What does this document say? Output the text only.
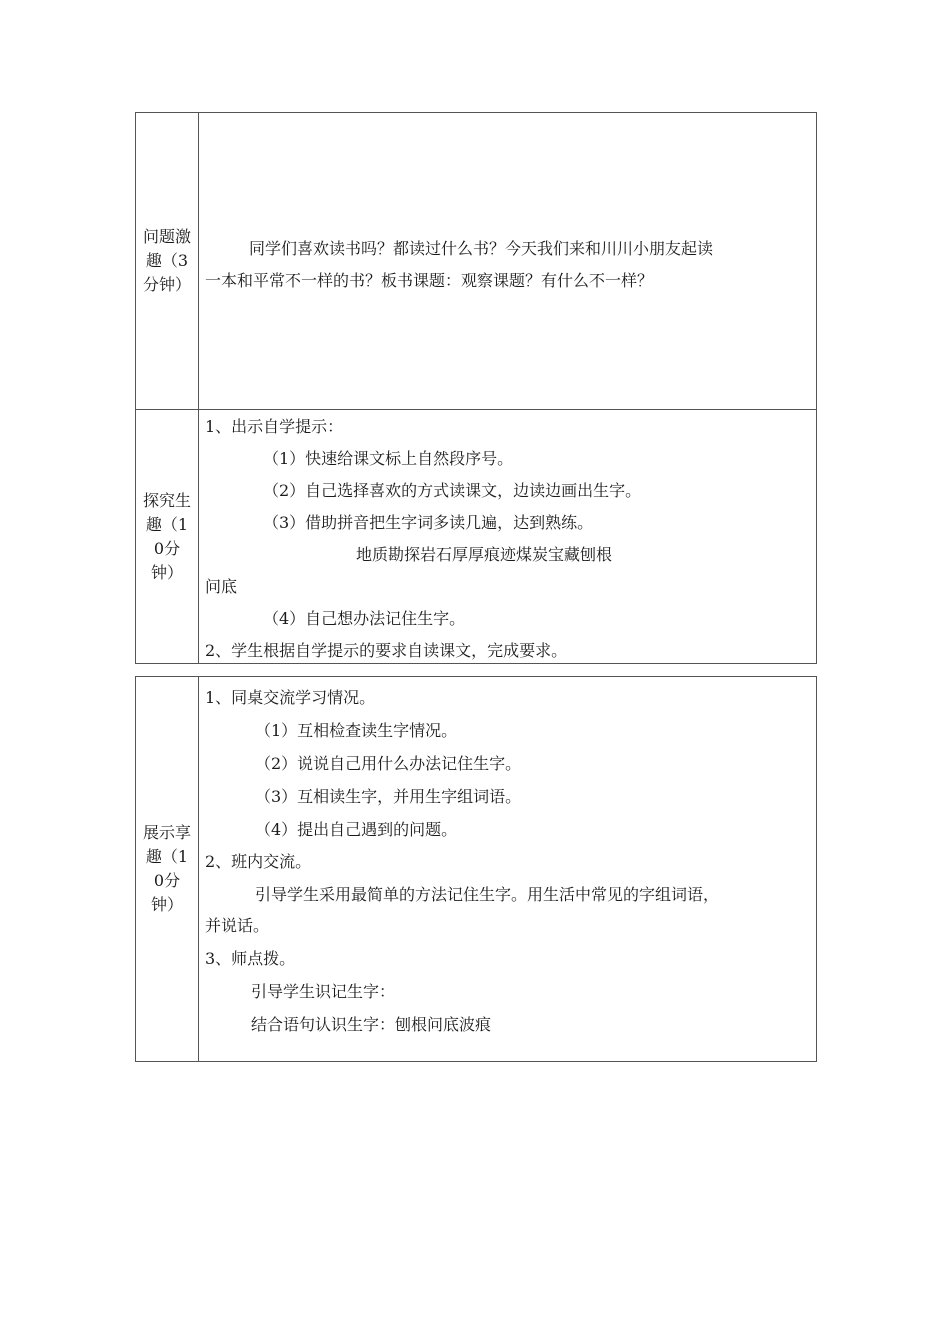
问题激趣（3分钟）
同学们喜欢读书吗？都读过什么书？今天我们来和川川小朋友起读
一本和平常不一样的书？板书课题：观察课题？有什么不一样？
探究生趣（10分钟）
1、出示自学提示：
（1）快速给课文标上自然段序号。
（2）自己选择喜欢的方式读课文，边读边画出生字。
（3）借助拼音把生字词多读几遍，达到熟练。
地质勘探岩石厚厚痕迹煤炭宝藏刨根
问底
（4）自己想办法记住生字。
2、学生根据自学提示的要求自读课文，完成要求。
展示享趣（10分钟）
1、同桌交流学习情况。
（1）互相检查读生字情况。
（2）说说自己用什么办法记住生字。
（3）互相读生字，并用生字组词语。
（4）提出自己遇到的问题。
2、班内交流。
引导学生采用最简单的方法记住生字。用生活中常见的字组词语，
并说话。
3、师点拨。
引导学生识记生字：
结合语句认识生字：刨根问底波痕
